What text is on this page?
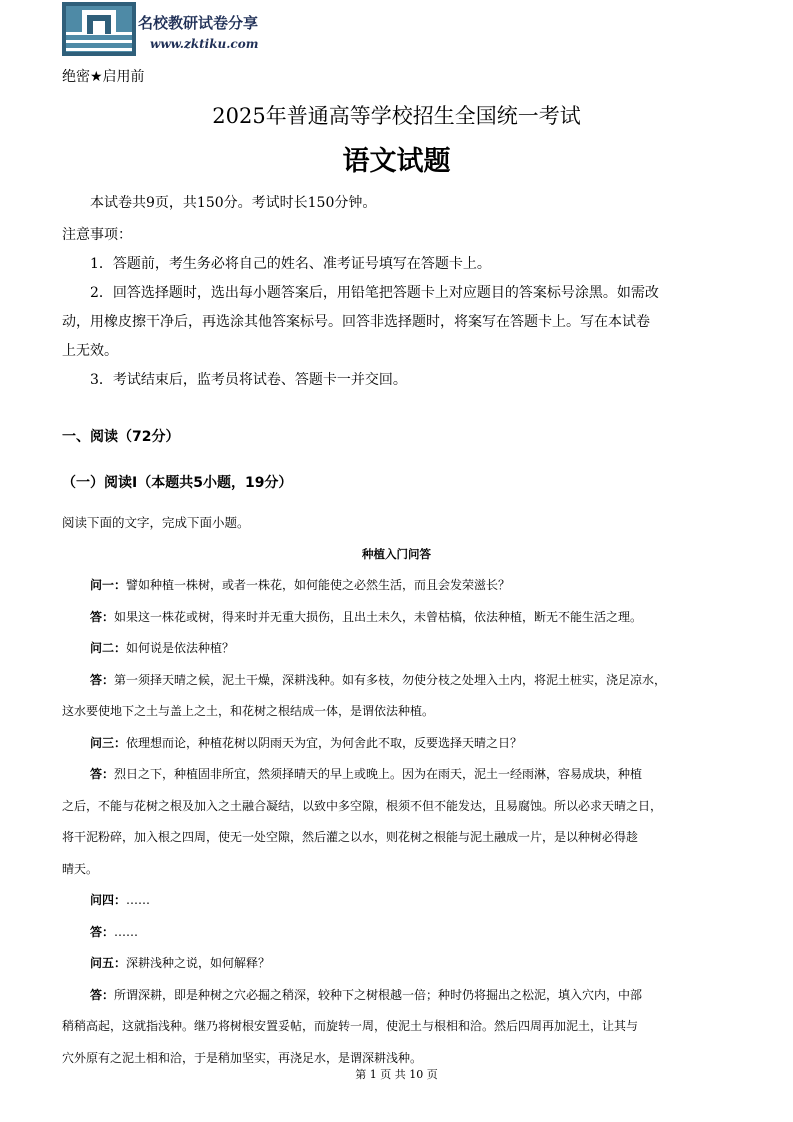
名校教研试卷分享
www.zktiku.com
绝密★启用前
2025年普通高等学校招生全国统一考试
语文试题
本试卷共9页，共150分。考试时长150分钟。
注意事项：
1．答题前，考生务必将自己的姓名、准考证号填写在答题卡上。
2．回答选择题时，选出每小题答案后，用铅笔把答题卡上对应题目的答案标号涂黑。如需改
动，用橡皮擦干净后，再选涂其他答案标号。回答非选择题时，将案写在答题卡上。写在本试卷
上无效。
3．考试结束后，监考员将试卷、答题卡一并交回。
一、阅读（72分）
（一）阅读Ⅰ（本题共5小题，19分）
阅读下面的文字，完成下面小题。
种植入门问答
问一：譬如种植一株树，或者一株花，如何能使之必然生活，而且会发荣滋长？
答：如果这一株花或树，得来时并无重大损伤，且出土未久，未曾枯槁，依法种植，断无不能生活之理。
问二：如何说是依法种植？
答：第一须择天晴之候，泥土干燥，深耕浅种。如有多枝，勿使分枝之处埋入土内，将泥土桩实，浇足凉水，
这水要使地下之土与盖上之土，和花树之根结成一体，是谓依法种植。
问三：依理想而论，种植花树以阴雨天为宜，为何舍此不取，反要选择天晴之日？
答：烈日之下，种植固非所宜，然须择晴天的早上或晚上。因为在雨天，泥土一经雨淋，容易成块，种植
之后，不能与花树之根及加入之土融合凝结，以致中多空隙，根须不但不能发达，且易腐蚀。所以必求天晴之日，
将干泥粉碎，加入根之四周，使无一处空隙，然后灌之以水，则花树之根能与泥土融成一片，是以种树必得趁
晴天。
问四：……
答：……
问五：深耕浅种之说，如何解释？
答：所谓深耕，即是种树之穴必掘之稍深，较种下之树根越一倍；种时仍将掘出之松泥，填入穴内，中部
稍稍高起，这就指浅种。继乃将树根安置妥帖，而旋转一周，使泥土与根相和洽。然后四周再加泥土，让其与
穴外原有之泥土相和洽，于是稍加坚实，再浇足水，是谓深耕浅种。
第 1 页 共 10 页
